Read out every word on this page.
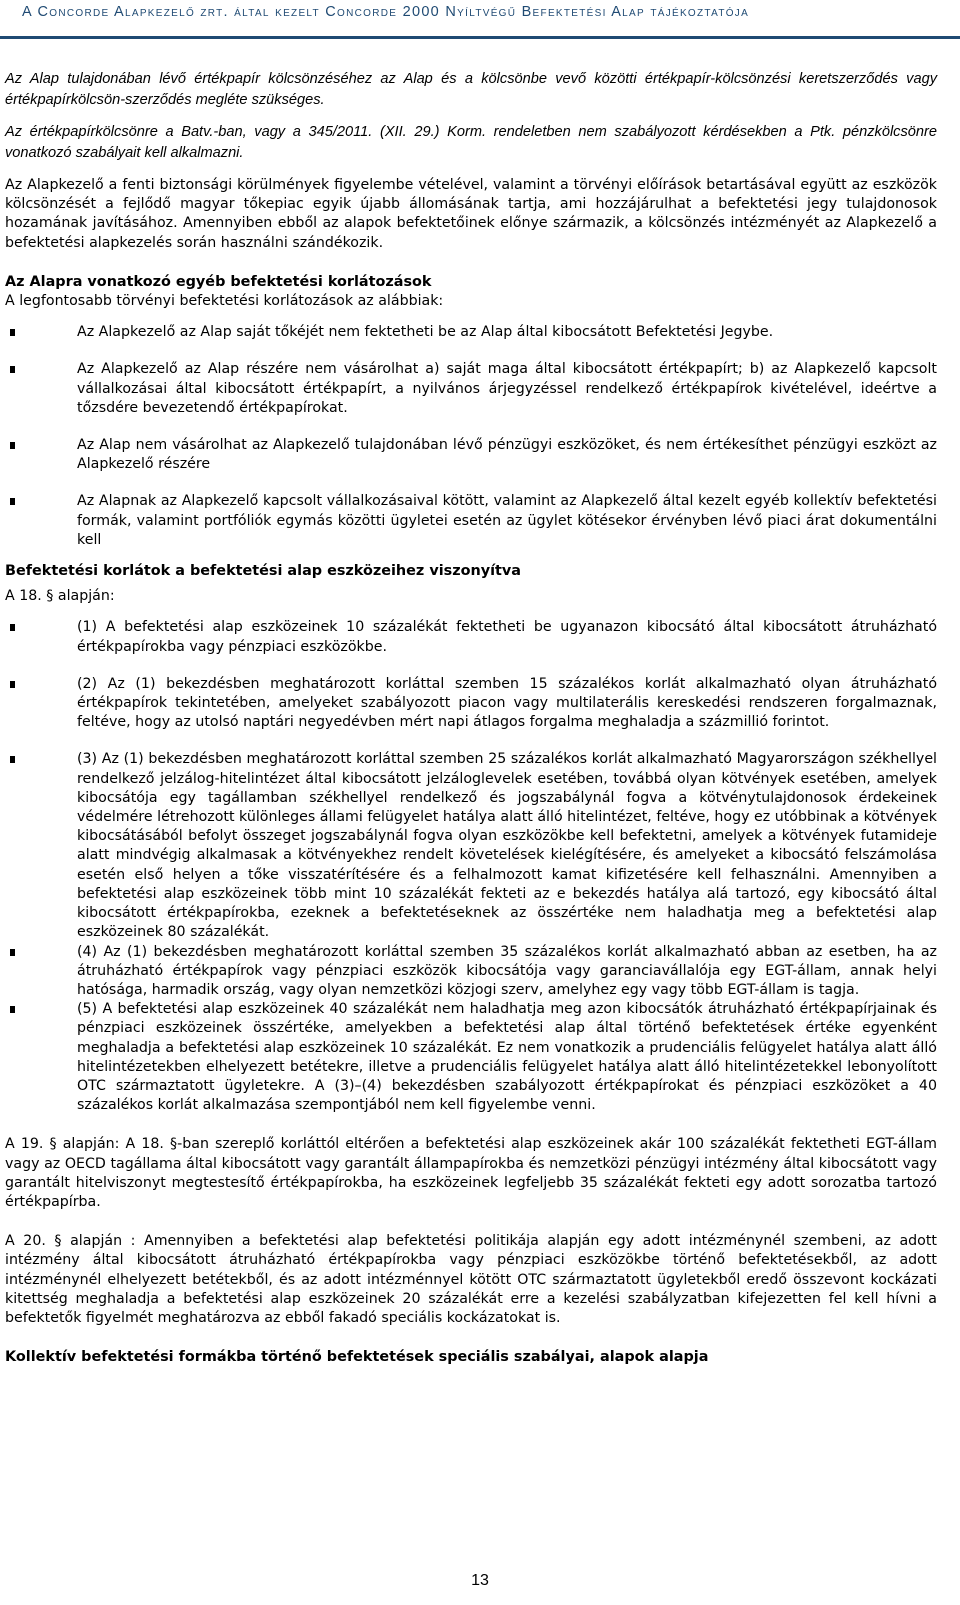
A Concorde Alapkezelő zrt. által kezelt Concorde 2000 Nyíltvégű Befektetési Alap tájékoztatója

Az Alap tulajdonában lévő értékpapír kölcsönzéséhez az Alap és a kölcsönbe vevő közötti értékpapír-kölcsönzési keretszerződés vagy értékpapírkölcsön-szerződés megléte szükséges.

Az értékpapírkölcsönre a Batv.-ban, vagy a 345/2011. (XII. 29.) Korm. rendeletben nem szabályozott kérdésekben a Ptk. pénzkölcsönre vonatkozó szabályait kell alkalmazni.

Az Alapkezelő a fenti biztonsági körülmények figyelembe vételével, valamint a törvényi előírások betartásával együtt az eszközök kölcsönzését a fejlődő magyar tőkepiac egyik újabb állomásának tartja, ami hozzájárulhat a befektetési jegy tulajdonosok hozamának javításához. Amennyiben ebből az alapok befektetőinek előnye származik, a kölcsönzés intézményét az Alapkezelő a befektetési alapkezelés során használni szándékozik.

Az Alapra vonatkozó egyéb befektetési korlátozások

A legfontosabb törvényi befektetési korlátozások az alábbiak:

Az Alapkezelő az Alap saját tőkéjét nem fektetheti be az Alap által kibocsátott Befektetési Jegybe.
Az Alapkezelő az Alap részére nem vásárolhat a) saját maga által kibocsátott értékpapírt; b) az Alapkezelő kapcsolt vállalkozásai által kibocsátott értékpapírt, a nyilvános árjegyzéssel rendelkező értékpapírok kivételével, ideértve a tőzsdére bevezetendő értékpapírokat.
Az Alap nem vásárolhat az Alapkezelő tulajdonában lévő pénzügyi eszközöket, és nem értékesíthet pénzügyi eszközt az Alapkezelő részére
Az Alapnak az Alapkezelő kapcsolt vállalkozásaival kötött, valamint az Alapkezelő által kezelt egyéb kollektív befektetési formák, valamint portfóliók egymás közötti ügyletei esetén az ügylet kötésekor érvényben lévő piaci árat dokumentálni kell
Befektetési korlátok a befektetési alap eszközeihez viszonyítva

A 18. § alapján:

(1) A befektetési alap eszközeinek 10 százalékát fektetheti be ugyanazon kibocsátó által kibocsátott átruházható értékpapírokba vagy pénzpiaci eszközökbe.
(2) Az (1) bekezdésben meghatározott korláttal szemben 15 százalékos korlát alkalmazható olyan átruházható értékpapírok tekintetében, amelyeket szabályozott piacon vagy multilaterális kereskedési rendszeren forgalmaznak, feltéve, hogy az utolsó naptári negyedévben mért napi átlagos forgalma meghaladja a százmillió forintot.
(3) Az (1) bekezdésben meghatározott korláttal szemben 25 százalékos korlát alkalmazható Magyarországon székhellyel rendelkező jelzálog-hitelintézet által kibocsátott jelzáloglevelek esetében, továbbá olyan kötvények esetében, amelyek kibocsátója egy tagállamban székhellyel rendelkező és jogszabálynál fogva a kötvénytulajdonosok érdekeinek védelmére létrehozott különleges állami felügyelet hatálya alatt álló hitelintézet, feltéve, hogy ez utóbbinak a kötvények kibocsátásából befolyt összeget jogszabálynál fogva olyan eszközökbe kell befektetni, amelyek a kötvények futamideje alatt mindvégig alkalmasak a kötvényekhez rendelt követelések kielégítésére, és amelyeket a kibocsátó felszámolása esetén első helyen a tőke visszatérítésére és a felhalmozott kamat kifizetésére kell felhasználni. Amennyiben a befektetési alap eszközeinek több mint 10 százalékát fekteti az e bekezdés hatálya alá tartozó, egy kibocsátó által kibocsátott értékpapírokba, ezeknek a befektetéseknek az összértéke nem haladhatja meg a befektetési alap eszközeinek 80 százalékát.
(4) Az (1) bekezdésben meghatározott korláttal szemben 35 százalékos korlát alkalmazható abban az esetben, ha az átruházható értékpapírok vagy pénzpiaci eszközök kibocsátója vagy garanciavállalója egy EGT-állam, annak helyi hatósága, harmadik ország, vagy olyan nemzetközi közjogi szerv, amelyhez egy vagy több EGT-állam is tagja.
(5) A befektetési alap eszközeinek 40 százalékát nem haladhatja meg azon kibocsátók átruházható értékpapírjainak és pénzpiaci eszközeinek összértéke, amelyekben a befektetési alap által történő befektetések értéke egyenként meghaladja a befektetési alap eszközeinek 10 százalékát. Ez nem vonatkozik a prudenciális felügyelet hatálya alatt álló hitelintézetekben elhelyezett betétekre, illetve a prudenciális felügyelet hatálya alatt álló hitelintézetekkel lebonyolított OTC származtatott ügyletekre. A (3)–(4) bekezdésben szabályozott értékpapírokat és pénzpiaci eszközöket a 40 százalékos korlát alkalmazása szempontjából nem kell figyelembe venni.

A 19. § alapján: A 18. §-ban szereplő korláttól eltérően a befektetési alap eszközeinek akár 100 százalékát fektetheti EGT-állam vagy az OECD tagállama által kibocsátott vagy garantált állampapírokba és nemzetközi pénzügyi intézmény által kibocsátott vagy garantált hitelviszonyt megtestesítő értékpapírokba, ha eszközeinek legfeljebb 35 százalékát fekteti egy adott sorozatba tartozó értékpapírba.

A 20. § alapján : Amennyiben a befektetési alap befektetési politikája alapján egy adott intézménynél szembeni, az adott intézmény által kibocsátott átruházható értékpapírokba vagy pénzpiaci eszközökbe történő befektetésekből, az adott intézménynél elhelyezett betétekből, és az adott intézménnyel kötött OTC származtatott ügyletekből eredő összevont kockázati kitettség meghaladja a befektetési alap eszközeinek 20 százalékát erre a kezelési szabályzatban kifejezetten fel kell hívni a befektetők figyelmét meghatározva az ebből fakadó speciális kockázatokat is.

Kollektív befektetési formákba történő befektetések speciális szabályai, alapok alapja
13
